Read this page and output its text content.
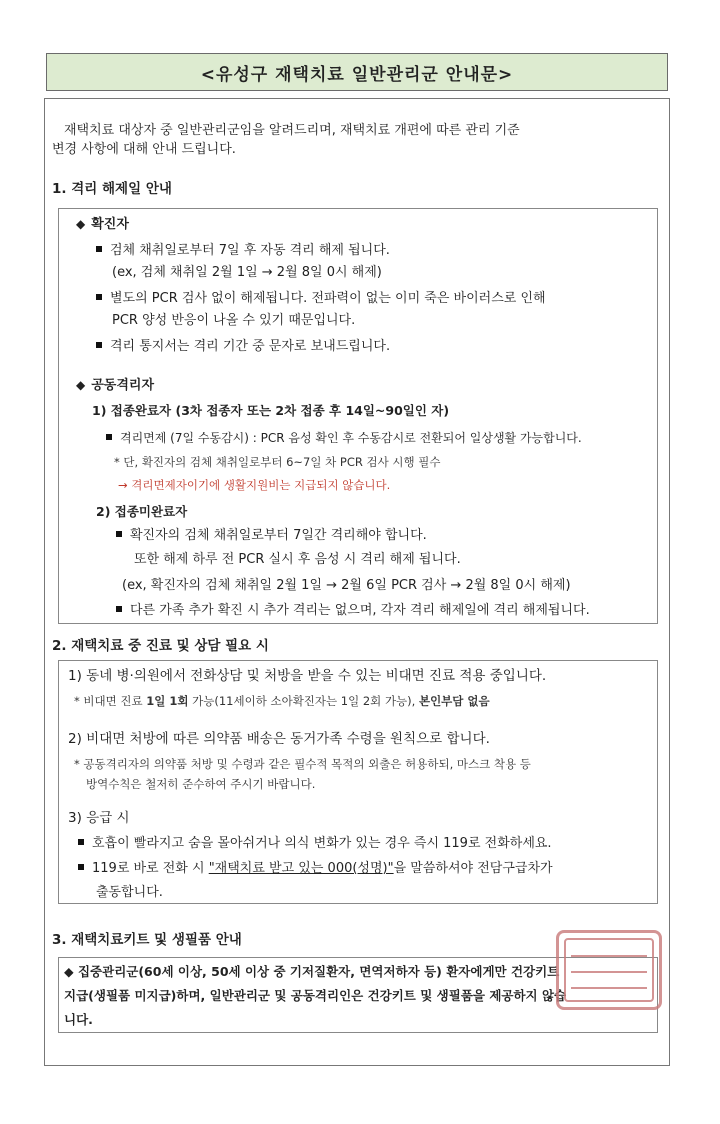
<유성구 재택치료 일반관리군 안내문>
재택치료 대상자 중 일반관리군임을 알려드리며, 재택치료 개편에 따른 관리 기준
변경 사항에 대해 안내 드립니다.
1. 격리 해제일 안내
◆ 확진자
검체 채취일로부터 7일 후 자동 격리 해제 됩니다.
(ex, 검체 채취일 2월 1일 → 2월 8일 0시 해제)
별도의 PCR 검사 없이 해제됩니다. 전파력이 없는 이미 죽은 바이러스로 인해
PCR 양성 반응이 나올 수 있기 때문입니다.
격리 통지서는 격리 기간 중 문자로 보내드립니다.
◆ 공동격리자
1) 접종완료자 (3차 접종자 또는 2차 접종 후 14일~90일인 자)
격리면제 (7일 수동감시) : PCR 음성 확인 후 수동감시로 전환되어 일상생활 가능합니다.
* 단, 확진자의 검체 채취일로부터 6~7일 차 PCR 검사 시행 필수
→ 격리면제자이기에 생활지원비는 지급되지 않습니다.
2) 접종미완료자
확진자의 검체 채취일로부터 7일간 격리해야 합니다.
또한 해제 하루 전 PCR 실시 후 음성 시 격리 해제 됩니다.
(ex, 확진자의 검체 채취일 2월 1일 → 2월 6일 PCR 검사 → 2월 8일 0시 해제)
다른 가족 추가 확진 시 추가 격리는 없으며, 각자 격리 해제일에 격리 해제됩니다.
2. 재택치료 중 진료 및 상담 필요 시
1) 동네 병·의원에서 전화상담 및 처방을 받을 수 있는 비대면 진료 적용 중입니다.
* 비대면 진료 1일 1회 가능(11세이하 소아확진자는 1일 2회 가능), 본인부담 없음
2) 비대면 처방에 따른 의약품 배송은 동거가족 수령을 원칙으로 합니다.
* 공동격리자의 의약품 처방 및 수령과 같은 필수적 목적의 외출은 허용하되, 마스크 착용 등
방역수칙은 철저히 준수하여 주시기 바랍니다.
3) 응급 시
호흡이 빨라지고 숨을 몰아쉬거나 의식 변화가 있는 경우 즉시 119로 전화하세요.
119로 바로 전화 시 "재택치료 받고 있는 000(성명)"을 말씀하셔야 전담구급차가
출동합니다.
3. 재택치료키트 및 생필품 안내
◆ 집중관리군(60세 이상, 50세 이상 중 기저질환자, 면역저하자 등) 환자에게만 건강키트
지급(생필품 미지급)하며, 일반관리군 및 공동격리인은 건강키트 및 생필품을 제공하지 않습
니다.
